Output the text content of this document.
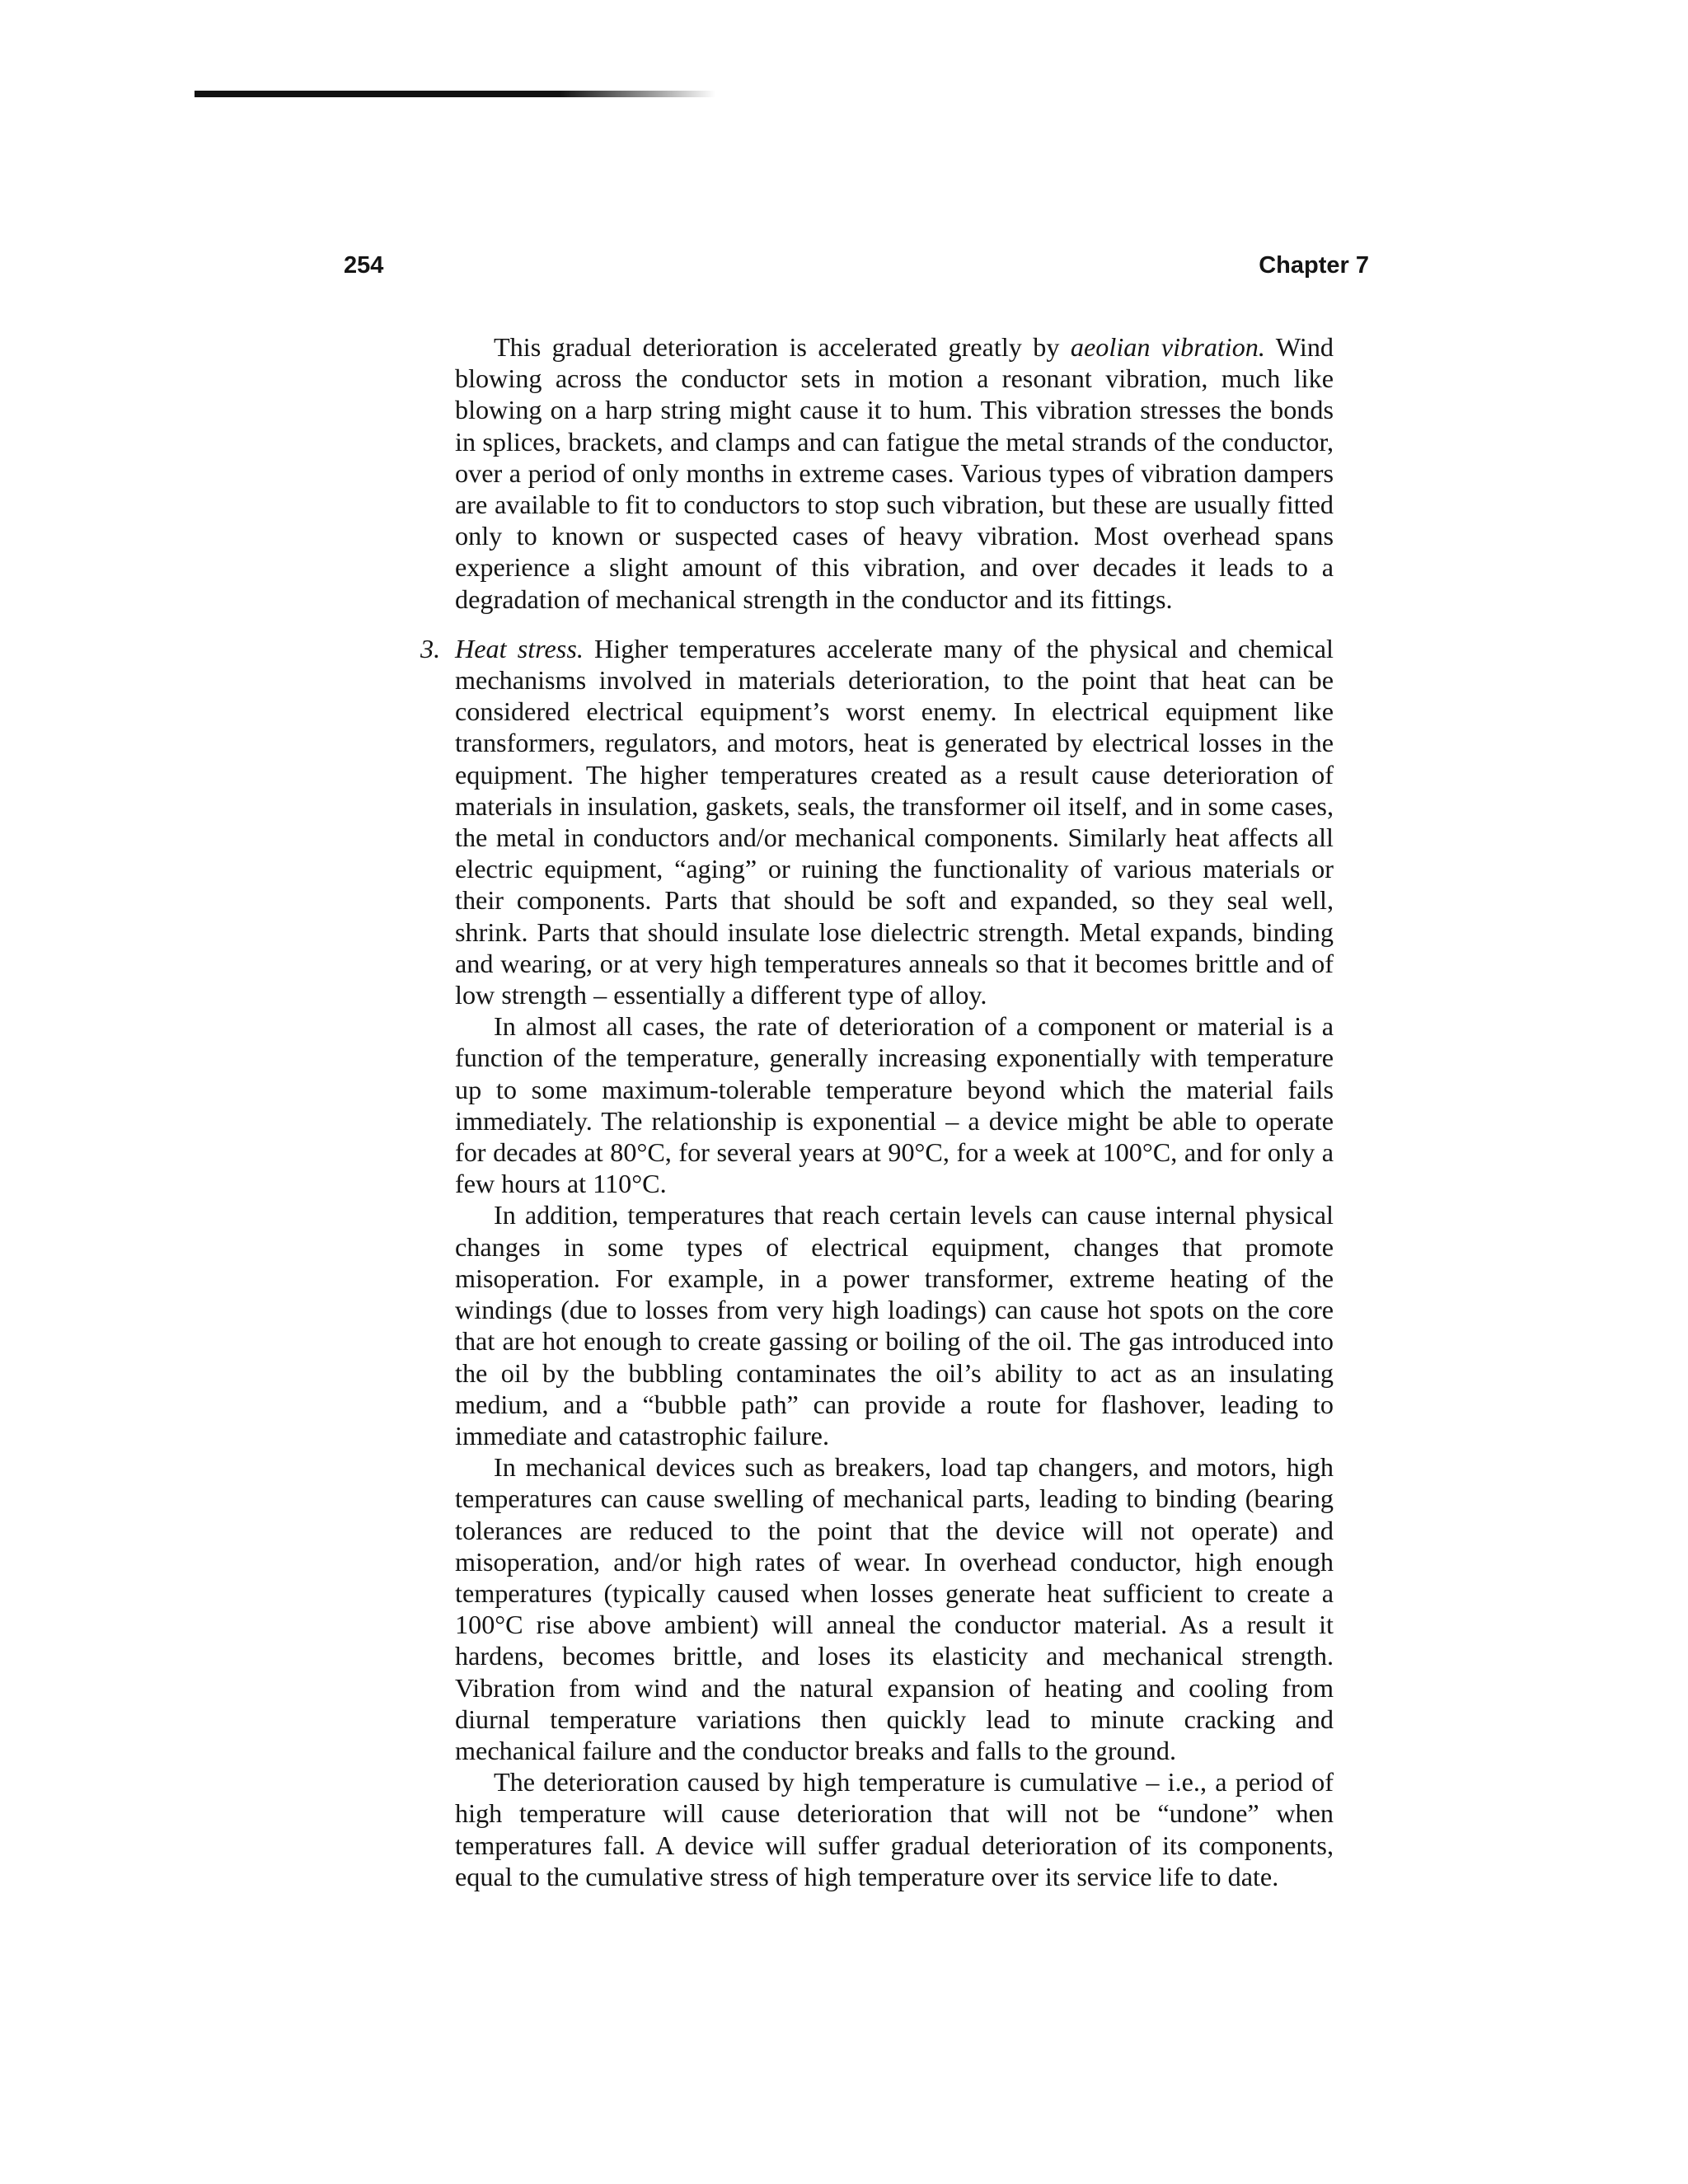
254	Chapter 7

This gradual deterioration is accelerated greatly by aeolian vibration. Wind blowing across the conductor sets in motion a resonant vibration, much like blowing on a harp string might cause it to hum. This vibration stresses the bonds in splices, brackets, and clamps and can fatigue the metal strands of the conductor, over a period of only months in extreme cases. Various types of vibration dampers are available to fit to conductors to stop such vibration, but these are usually fitted only to known or suspected cases of heavy vibration. Most overhead spans experience a slight amount of this vibration, and over decades it leads to a degradation of mechanical strength in the conductor and its fittings.

3. Heat stress. Higher temperatures accelerate many of the physical and chemical mechanisms involved in materials deterioration, to the point that heat can be considered electrical equipment’s worst enemy. In electrical equipment like transformers, regulators, and motors, heat is generated by electrical losses in the equipment. The higher temperatures created as a result cause deterioration of materials in insulation, gaskets, seals, the transformer oil itself, and in some cases, the metal in conductors and/or mechanical components. Similarly heat affects all electric equipment, “aging” or ruining the functionality of various materials or their components. Parts that should be soft and expanded, so they seal well, shrink. Parts that should insulate lose dielectric strength. Metal expands, binding and wearing, or at very high temperatures anneals so that it becomes brittle and of low strength – essentially a different type of alloy.

In almost all cases, the rate of deterioration of a component or material is a function of the temperature, generally increasing exponentially with temperature up to some maximum-tolerable temperature beyond which the material fails immediately. The relationship is exponential – a device might be able to operate for decades at 80°C, for several years at 90°C, for a week at 100°C, and for only a few hours at 110°C.

In addition, temperatures that reach certain levels can cause internal physical changes in some types of electrical equipment, changes that promote misoperation. For example, in a power transformer, extreme heating of the windings (due to losses from very high loadings) can cause hot spots on the core that are hot enough to create gassing or boiling of the oil. The gas introduced into the oil by the bubbling contaminates the oil’s ability to act as an insulating medium, and a “bubble path” can provide a route for flashover, leading to immediate and catastrophic failure.

In mechanical devices such as breakers, load tap changers, and motors, high temperatures can cause swelling of mechanical parts, leading to binding (bearing tolerances are reduced to the point that the device will not operate) and misoperation, and/or high rates of wear. In overhead conductor, high enough temperatures (typically caused when losses generate heat sufficient to create a 100°C rise above ambient) will anneal the conductor material. As a result it hardens, becomes brittle, and loses its elasticity and mechanical strength. Vibration from wind and the natural expansion of heating and cooling from diurnal temperature variations then quickly lead to minute cracking and mechanical failure and the conductor breaks and falls to the ground.

The deterioration caused by high temperature is cumulative – i.e., a period of high temperature will cause deterioration that will not be “undone” when temperatures fall. A device will suffer gradual deterioration of its components, equal to the cumulative stress of high temperature over its service life to date.
